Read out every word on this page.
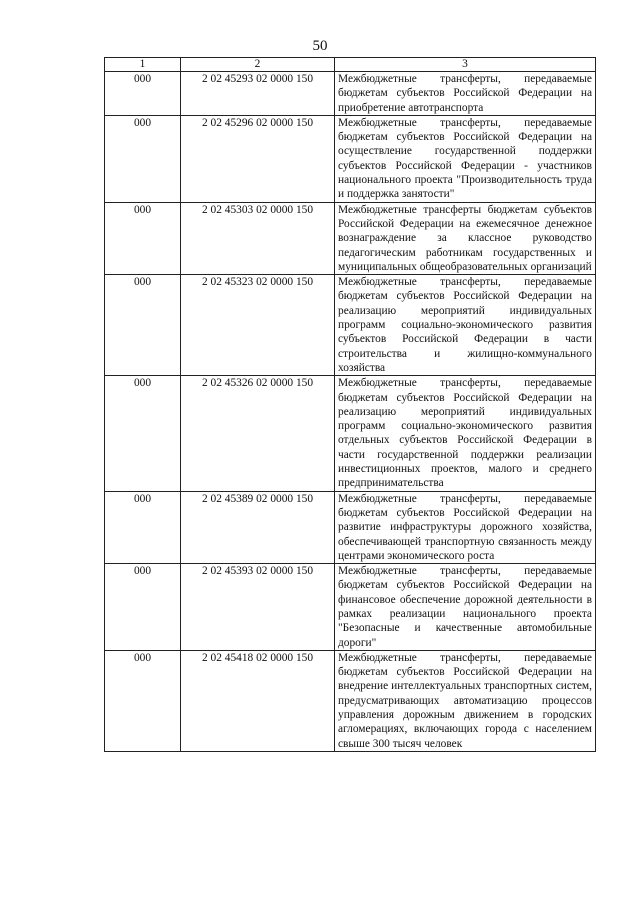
50
1	2	3
000	2 02 45293 02 0000 150	Межбюджетные трансферты, передаваемые бюджетам субъектов Российской Федерации на приобретение автотранспорта
000	2 02 45296 02 0000 150	Межбюджетные трансферты, передаваемые бюджетам субъектов Российской Федерации на осуществление государственной поддержки субъектов Российской Федерации - участников национального проекта "Производительность труда и поддержка занятости"
000	2 02 45303 02 0000 150	Межбюджетные трансферты бюджетам субъектов Российской Федерации на ежемесячное денежное вознаграждение за классное руководство педагогическим работникам государственных и муниципальных общеобразовательных организаций
000	2 02 45323 02 0000 150	Межбюджетные трансферты, передаваемые бюджетам субъектов Российской Федерации на реализацию мероприятий индивидуальных программ социально-экономического развития субъектов Российской Федерации в части строительства и жилищно-коммунального хозяйства
000	2 02 45326 02 0000 150	Межбюджетные трансферты, передаваемые бюджетам субъектов Российской Федерации на реализацию мероприятий индивидуальных программ социально-экономического развития отдельных субъектов Российской Федерации в части государственной поддержки реализации инвестиционных проектов, малого и среднего предпринимательства
000	2 02 45389 02 0000 150	Межбюджетные трансферты, передаваемые бюджетам субъектов Российской Федерации на развитие инфраструктуры дорожного хозяйства, обеспечивающей транспортную связанность между центрами экономического роста
000	2 02 45393 02 0000 150	Межбюджетные трансферты, передаваемые бюджетам субъектов Российской Федерации на финансовое обеспечение дорожной деятельности в рамках реализации национального проекта "Безопасные и качественные автомобильные дороги"
000	2 02 45418 02 0000 150	Межбюджетные трансферты, передаваемые бюджетам субъектов Российской Федерации на внедрение интеллектуальных транспортных систем, предусматривающих автоматизацию процессов управления дорожным движением в городских агломерациях, включающих города с населением свыше 300 тысяч человек
